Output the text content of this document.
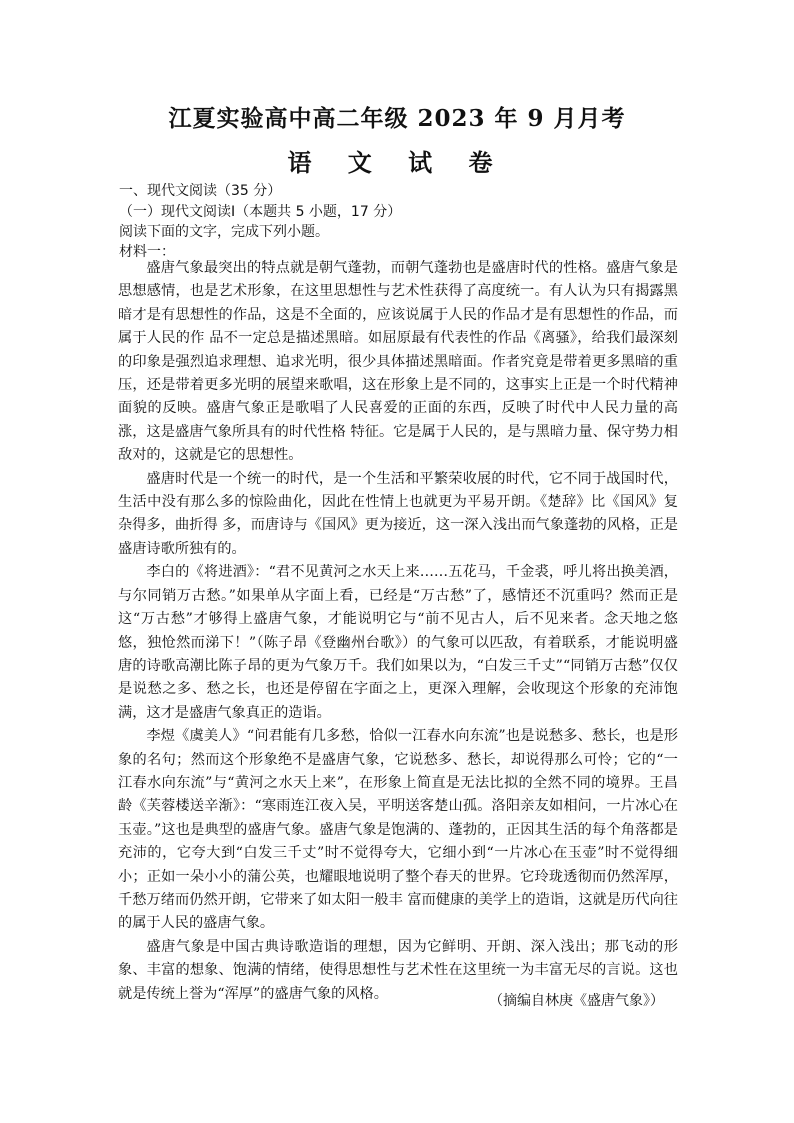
江夏实验高中高二年级 2023 年 9 月月考
语 文 试 卷
一、现代文阅读（35 分）
（一）现代文阅读Ⅰ（本题共 5 小题，17 分）
阅读下面的文字，完成下列小题。
材料一：

盛唐气象最突出的特点就是朝气蓬勃，而朝气蓬勃也是盛唐时代的性格。盛唐气象是思想感情，也是艺术形象，在这里思想性与艺术性获得了高度统一。有人认为只有揭露黑暗才是有思想性的作品，这是不全面的，应该说属于人民的作品才是有思想性的作品，而属于人民的作 品不一定总是描述黑暗。如屈原最有代表性的作品《离骚》，给我们最深刻的印象是强烈追求理想、追求光明，很少具体描述黑暗面。作者究竟是带着更多黑暗的重压，还是带着更多光明的展望来歌唱，这在形象上是不同的，这事实上正是一个时代精神面貌的反映。盛唐气象正是歌唱了人民喜爱的正面的东西，反映了时代中人民力量的高涨，这是盛唐气象所具有的时代性格 特征。它是属于人民的，是与黑暗力量、保守势力相敌对的，这就是它的思想性。

盛唐时代是一个统一的时代，是一个生活和平繁荣收展的时代，它不同于战国时代，生活中没有那么多的惊险曲化，因此在性情上也就更为平易开朗。《楚辞》比《国风》复杂得多，曲折得 多，而唐诗与《国风》更为接近，这一深入浅出而气象蓬勃的风格，正是盛唐诗歌所独有的。

李白的《将进酒》：“君不见黄河之水天上来……五花马，千金裘，呼儿将出换美酒，与尔同销万古愁。”如果单从字面上看，已经是“万古愁”了，感情还不沉重吗？然而正是这“万古愁”才够得上盛唐气象，才能说明它与“前不见古人，后不见来者。念天地之悠悠，独怆然而涕下！”（陈子昂《登幽州台歌》）的气象可以匹敌，有着联系，才能说明盛唐的诗歌高潮比陈子昂的更为气象万千。我们如果以为，“白发三千丈”“同销万古愁”仅仅是说愁之多、愁之长，也还是停留在字面之上，更深入理解，会收现这个形象的充沛饱满，这才是盛唐气象真正的造诣。

李煜《虞美人》“问君能有几多愁，恰似一江春水向东流”也是说愁多、愁长，也是形象的名句；然而这个形象绝不是盛唐气象，它说愁多、愁长，却说得那么可怜；它的“一江春水向东流”与“黄河之水天上来”，在形象上简直是无法比拟的全然不同的境界。王昌龄《芙蓉楼送辛渐》：“寒雨连江夜入吴，平明送客楚山孤。洛阳亲友如相问，一片冰心在玉壶。”这也是典型的盛唐气象。盛唐气象是饱满的、蓬勃的，正因其生活的每个角落都是充沛的，它夸大到“白发三千丈”时不觉得夸大，它细小到“一片冰心在玉壶”时不觉得细小；正如一朵小小的蒲公英，也耀眼地说明了整个春天的世界。它玲珑透彻而仍然浑厚，千愁万绪而仍然开朗，它带来了如太阳一般丰 富而健康的美学上的造诣，这就是历代向往的属于人民的盛唐气象。

盛唐气象是中国古典诗歌造诣的理想，因为它鲜明、开朗、深入浅出；那飞动的形象、丰富的想象、饱满的情绪，使得思想性与艺术性在这里统一为丰富无尽的言说。这也就是传统上誉为“浑厚”的盛唐气象的风格。	（摘编自林庚《盛唐气象》）
